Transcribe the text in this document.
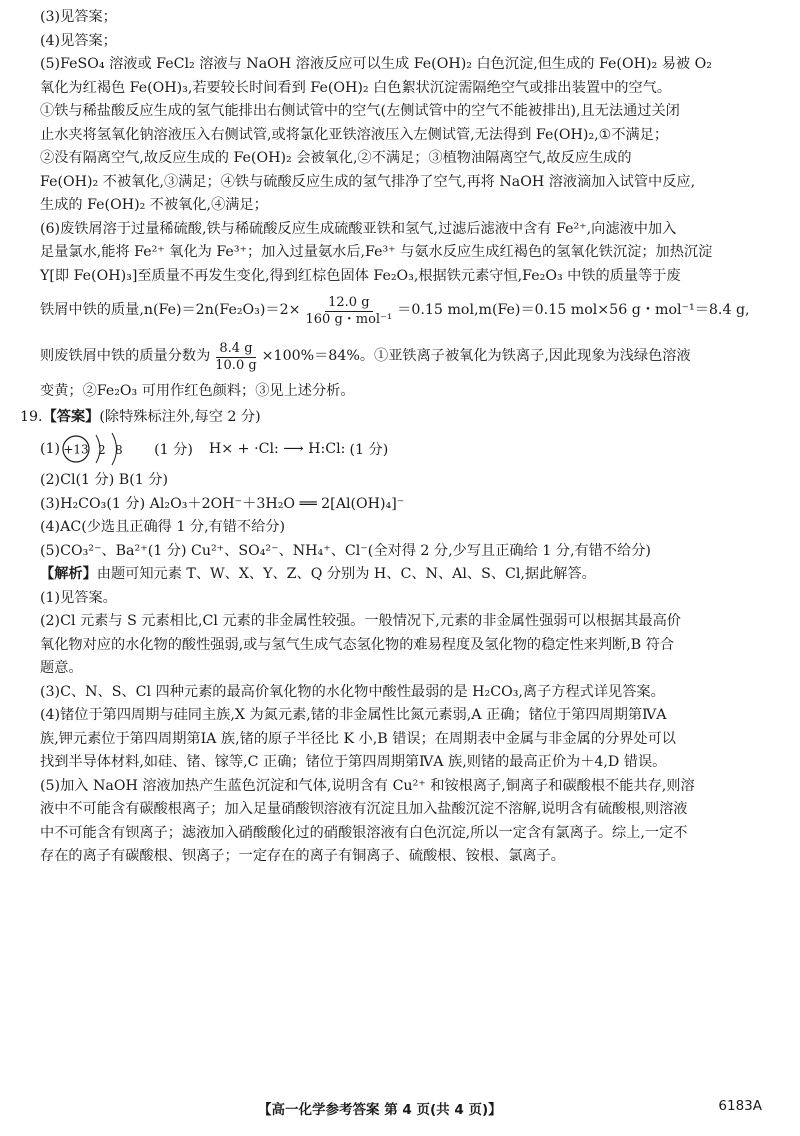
(3)见答案；

(4)见答案；

(5)FeSO₄ 溶液或 FeCl₂ 溶液与 NaOH 溶液反应可以生成 Fe(OH)₂ 白色沉淀,但生成的 Fe(OH)₂ 易被 O₂

氧化为红褐色 Fe(OH)₃,若要较长时间看到 Fe(OH)₂ 白色絮状沉淀需隔绝空气或排出装置中的空气。

①铁与稀盐酸反应生成的氢气能排出右侧试管中的空气(左侧试管中的空气不能被排出),且无法通过关闭

止水夹将氢氧化钠溶液压入右侧试管,或将氯化亚铁溶液压入左侧试管,无法得到 Fe(OH)₂,①不满足；

②没有隔离空气,故反应生成的 Fe(OH)₂ 会被氧化,②不满足；③植物油隔离空气,故反应生成的

Fe(OH)₂ 不被氧化,③满足；④铁与硫酸反应生成的氢气排净了空气,再将 NaOH 溶液滴加入试管中反应,

生成的 Fe(OH)₂ 不被氧化,④满足；

(6)废铁屑溶于过量稀硫酸,铁与稀硫酸反应生成硫酸亚铁和氢气,过滤后滤液中含有 Fe²⁺,向滤液中加入

足量氯水,能将 Fe²⁺ 氧化为 Fe³⁺；加入过量氨水后,Fe³⁺ 与氨水反应生成红褐色的氢氧化铁沉淀；加热沉淀

Y[即 Fe(OH)₃]至质量不再发生变化,得到红棕色固体 Fe₂O₃,根据铁元素守恒,Fe₂O₃ 中铁的质量等于废

铁屑中铁的质量$,n(Fe)=2n(Fe_2O_3)=2\times \frac{12.0 g}{\text{160 g・mol⁻¹}} =0.15$ mol,m(Fe)＝0.15 mol×56 g・mol⁻¹＝8.4 g,
则废铁屑中铁的质量分数为 $\frac{8.4 g}{10.0 g} \times 100\%=84\%$。①亚铁离子被氧化为铁离子,因此现象为浅绿色溶液

变黄；②Fe₂O₃ 可用作红色颜料；③见上述分析。

19.【答案】(除特殊标注外,每空 2 分)

(1) +13 2 8 (1 分) H× + ·Cl: ⟶ H:Cl: (1 分)

(2)Cl(1 分) B(1 分)

(3)H₂CO₃(1 分) Al₂O₃＋2OH⁻＋3H₂O ══ 2[Al(OH)₄]⁻

(4)AC(少选且正确得 1 分,有错不给分)

(5)CO₃²⁻、Ba²⁺(1 分) Cu²⁺、SO₄²⁻、NH₄⁺、Cl⁻(全对得 2 分,少写且正确给 1 分,有错不给分)

【解析】由题可知元素 T、W、X、Y、Z、Q 分别为 H、C、N、Al、S、Cl,据此解答。

(1)见答案。

(2)Cl 元素与 S 元素相比,Cl 元素的非金属性较强。一般情况下,元素的非金属性强弱可以根据其最高价

氧化物对应的水化物的酸性强弱,或与氢气生成气态氢化物的难易程度及氢化物的稳定性来判断,B 符合

题意。

(3)C、N、S、Cl 四种元素的最高价氧化物的水化物中酸性最弱的是 H₂CO₃,离子方程式详见答案。

(4)锗位于第四周期与硅同主族,X 为氮元素,锗的非金属性比氮元素弱,A 正确；锗位于第四周期第ⅣA

族,钾元素位于第四周期第ⅠA 族,锗的原子半径比 K 小,B 错误；在周期表中金属与非金属的分界处可以

找到半导体材料,如硅、锗、镓等,C 正确；锗位于第四周期第ⅣA 族,则锗的最高正价为＋4,D 错误。

(5)加入 NaOH 溶液加热产生蓝色沉淀和气体,说明含有 Cu²⁺ 和铵根离子,铜离子和碳酸根不能共存,则溶

液中不可能含有碳酸根离子；加入足量硝酸钡溶液有沉淀且加入盐酸沉淀不溶解,说明含有硫酸根,则溶液

中不可能含有钡离子；滤液加入硝酸酸化过的硝酸银溶液有白色沉淀,所以一定含有氯离子。综上,一定不

存在的离子有碳酸根、钡离子；一定存在的离子有铜离子、硫酸根、铵根、氯离子。

【高一化学参考答案 第 4 页(共 4 页)】	6183A
